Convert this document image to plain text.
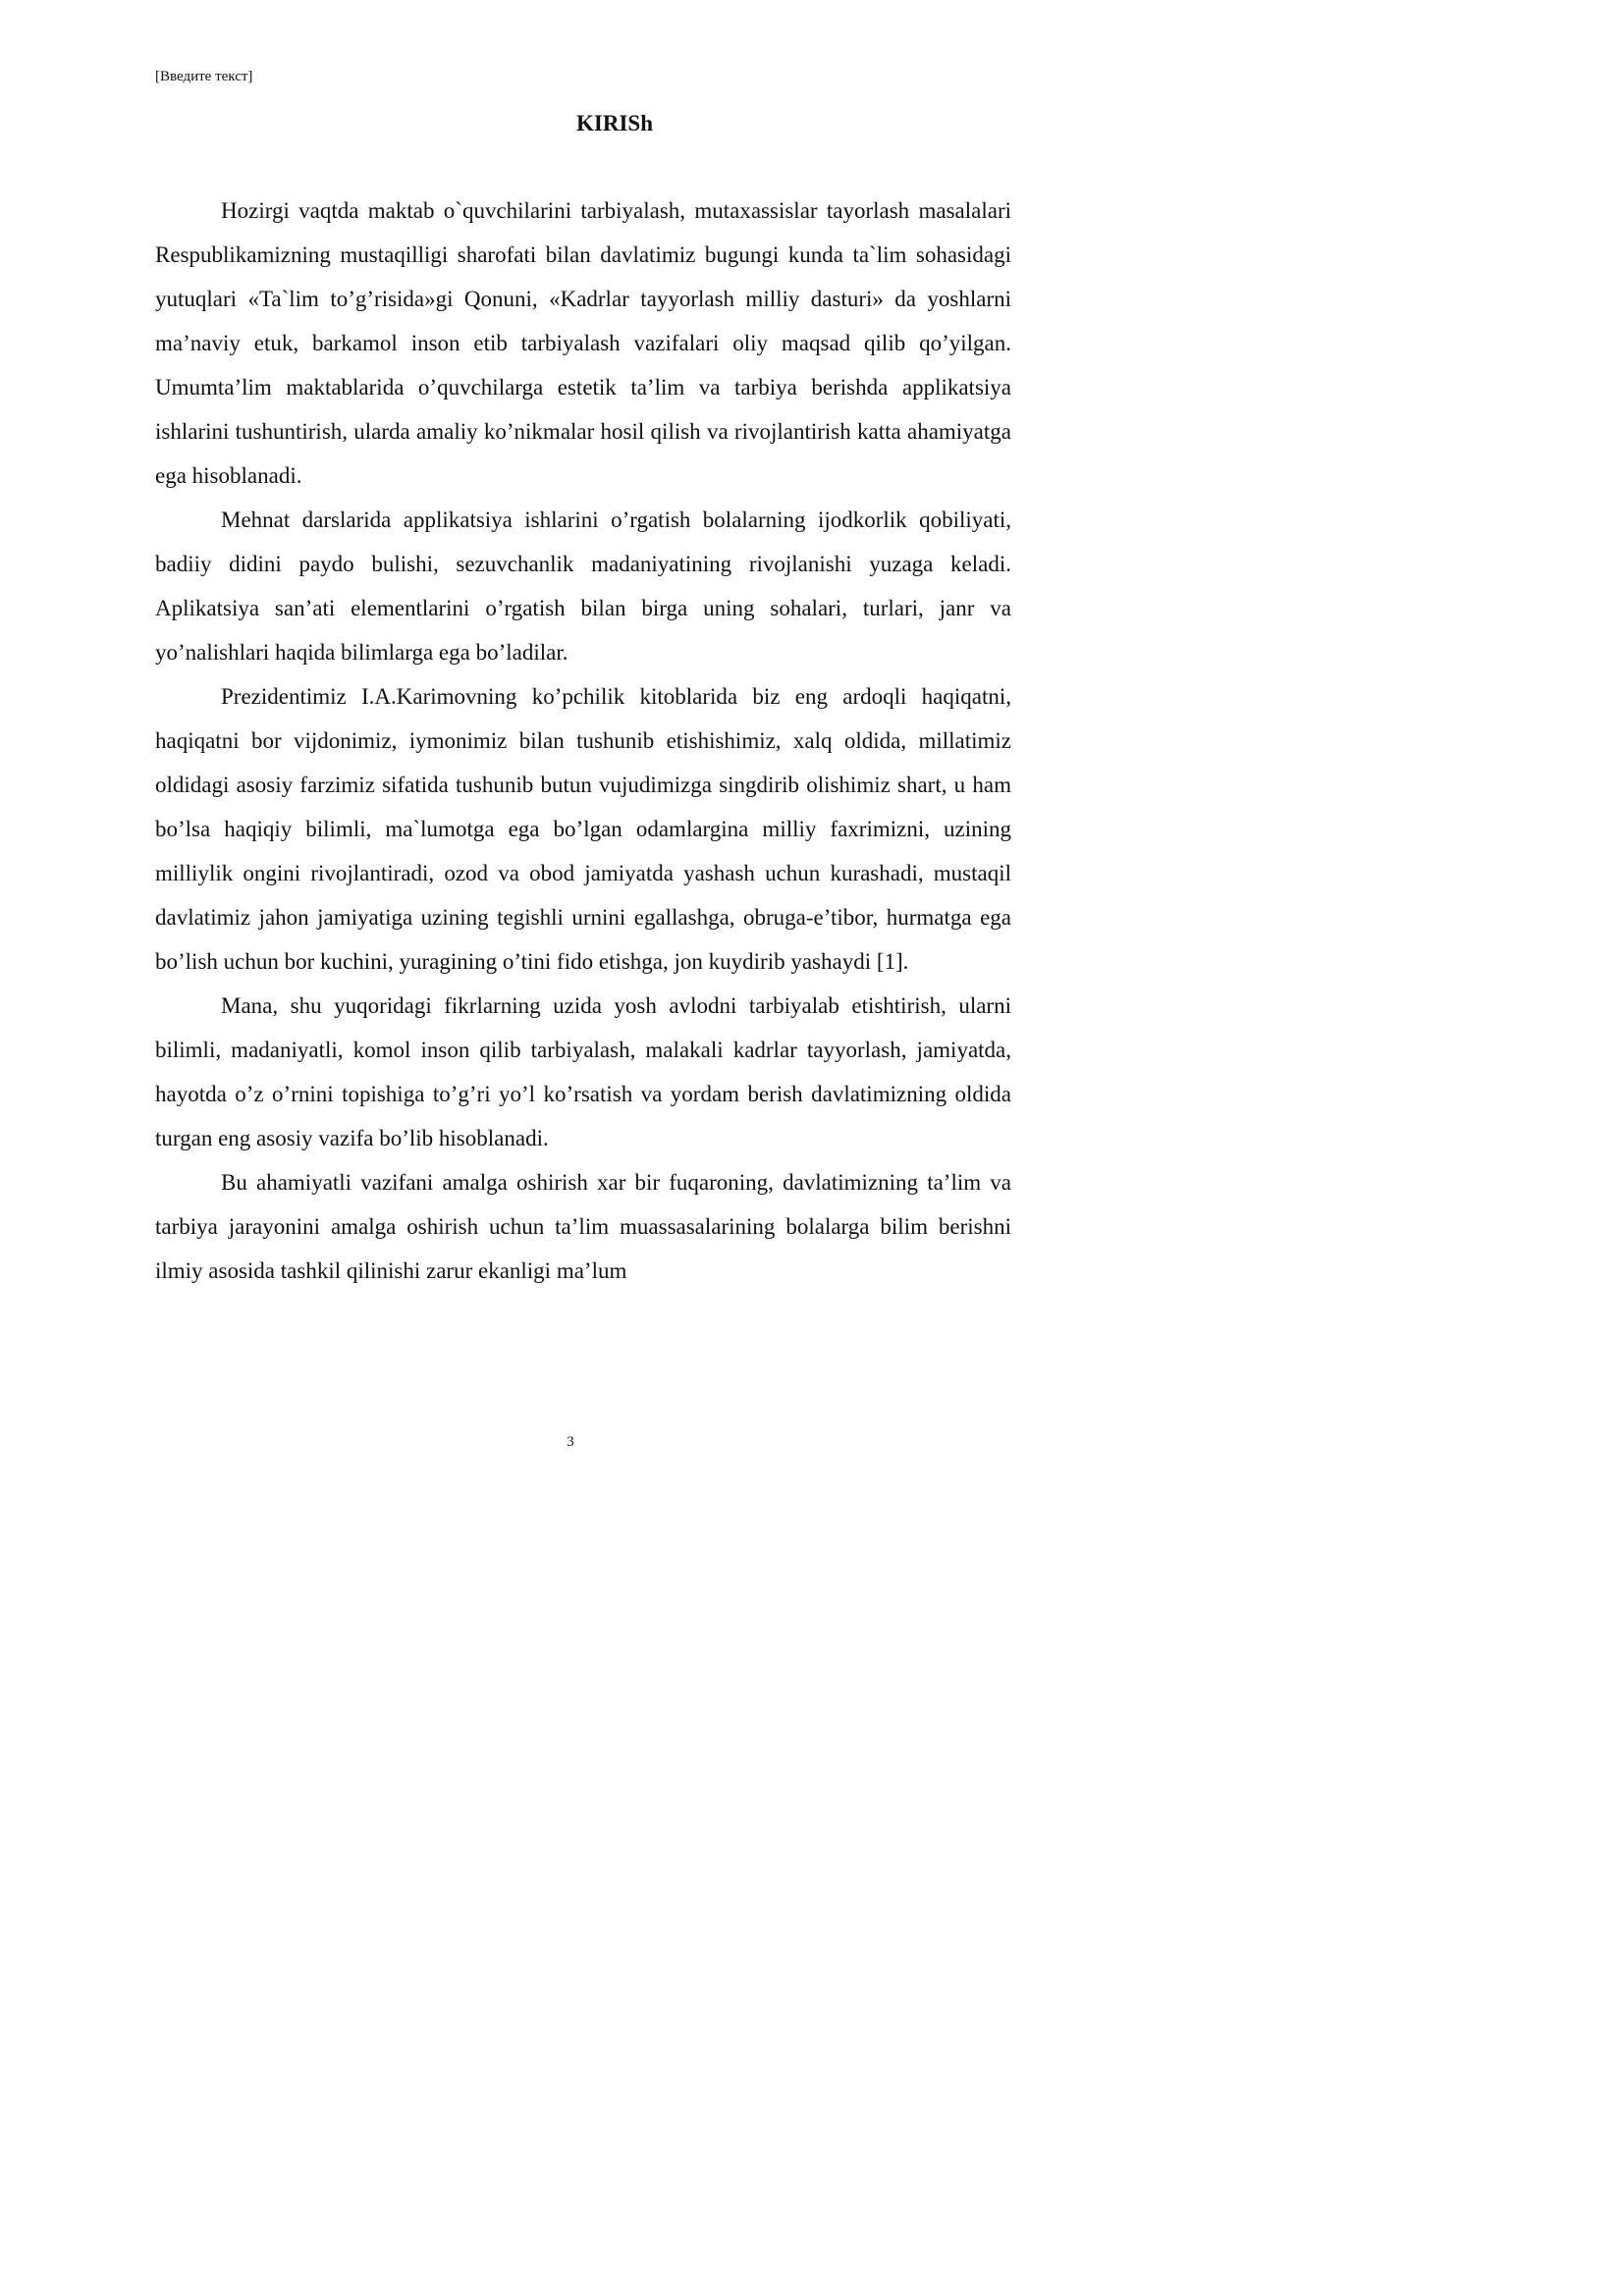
[Введите текст]
KIRISh

Hozirgi vaqtda maktab o`quvchilarini tarbiyalash, mutaxassislar tayorlash masalalari Respublikamizning mustaqilligi sharofati bilan davlatimiz bugungi kunda ta`lim sohasidagi yutuqlari «Ta`lim to’g’risida»gi Qonuni, «Kadrlar tayyorlash milliy dasturi» da yoshlarni ma’naviy etuk, barkamol inson etib tarbiyalash vazifalari oliy maqsad qilib qo’yilgan. Umumta’lim maktablarida o’quvchilarga estetik ta’lim va tarbiya berishda applikatsiya ishlarini tushuntirish, ularda amaliy ko’nikmalar hosil qilish va rivojlantirish katta ahamiyatga ega hisoblanadi.

Mehnat darslarida applikatsiya ishlarini o’rgatish bolalarning ijodkorlik qobiliyati, badiiy didini paydo bulishi, sezuvchanlik madaniyatining rivojlanishi yuzaga keladi. Aplikatsiya san’ati elementlarini o’rgatish bilan birga uning sohalari, turlari, janr va yo’nalishlari haqida bilimlarga ega bo’ladilar.

Prezidentimiz I.A.Karimovning ko’pchilik kitoblarida biz eng ardoqli haqiqatni, haqiqatni bor vijdonimiz, iymonimiz bilan tushunib etishishimiz, xalq oldida, millatimiz oldidagi asosiy farzimiz sifatida tushunib butun vujudimizga singdirib olishimiz shart, u ham bo’lsa haqiqiy bilimli, ma`lumotga ega bo’lgan odamlargina milliy faxrimizni, uzining milliylik ongini rivojlantiradi, ozod va obod jamiyatda yashash uchun kurashadi, mustaqil davlatimiz jahon jamiyatiga uzining tegishli urnini egallashga, obruga-e’tibor, hurmatga ega bo’lish uchun bor kuchini, yuragining o’tini fido etishga, jon kuydirib yashaydi [1].

Mana, shu yuqoridagi fikrlarning uzida yosh avlodni tarbiyalab etishtirish, ularni bilimli, madaniyatli, komol inson qilib tarbiyalash, malakali kadrlar tayyorlash, jamiyatda, hayotda o’z o’rnini topishiga to’g’ri yo’l ko’rsatish va yordam berish davlatimizning oldida turgan eng asosiy vazifa bo’lib hisoblanadi.

Bu ahamiyatli vazifani amalga oshirish xar bir fuqaroning, davlatimizning ta’lim va tarbiya jarayonini amalga oshirish uchun ta’lim muassasalarining bolalarga bilim berishni ilmiy asosida tashkil qilinishi zarur ekanligi ma’lum

3
